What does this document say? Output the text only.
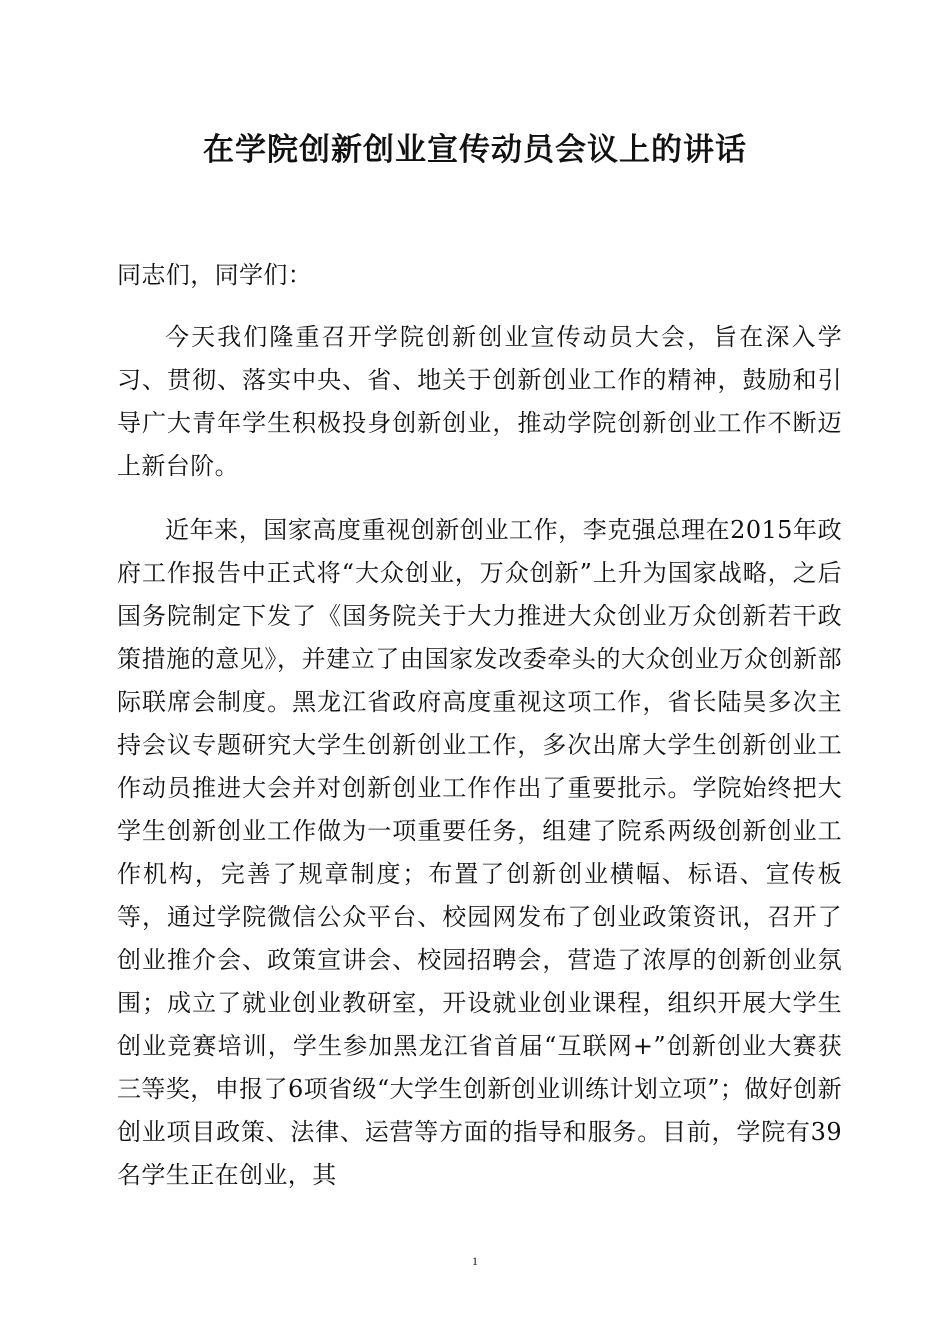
在学院创新创业宣传动员会议上的讲话
同志们，同学们：

今天我们隆重召开学院创新创业宣传动员大会，旨在深入学习、贯彻、落实中央、省、地关于创新创业工作的精神，鼓励和引导广大青年学生积极投身创新创业，推动学院创新创业工作不断迈上新台阶。

近年来，国家高度重视创新创业工作，李克强总理在2015年政府工作报告中正式将“大众创业，万众创新”上升为国家战略，之后国务院制定下发了《国务院关于大力推进大众创业万众创新若干政策措施的意见》，并建立了由国家发改委牵头的大众创业万众创新部际联席会制度。黑龙江省政府高度重视这项工作，省长陆昊多次主持会议专题研究大学生创新创业工作，多次出席大学生创新创业工作动员推进大会并对创新创业工作作出了重要批示。学院始终把大学生创新创业工作做为一项重要任务，组建了院系两级创新创业工作机构，完善了规章制度；布置了创新创业横幅、标语、宣传板等，通过学院微信公众平台、校园网发布了创业政策资讯，召开了创业推介会、政策宣讲会、校园招聘会，营造了浓厚的创新创业氛围；成立了就业创业教研室，开设就业创业课程，组织开展大学生创业竞赛培训，学生参加黑龙江省首届“互联网+”创新创业大赛获三等奖，申报了6项省级“大学生创新创业训练计划立项”；做好创新创业项目政策、法律、运营等方面的指导和服务。目前，学院有39名学生正在创业，其

1
